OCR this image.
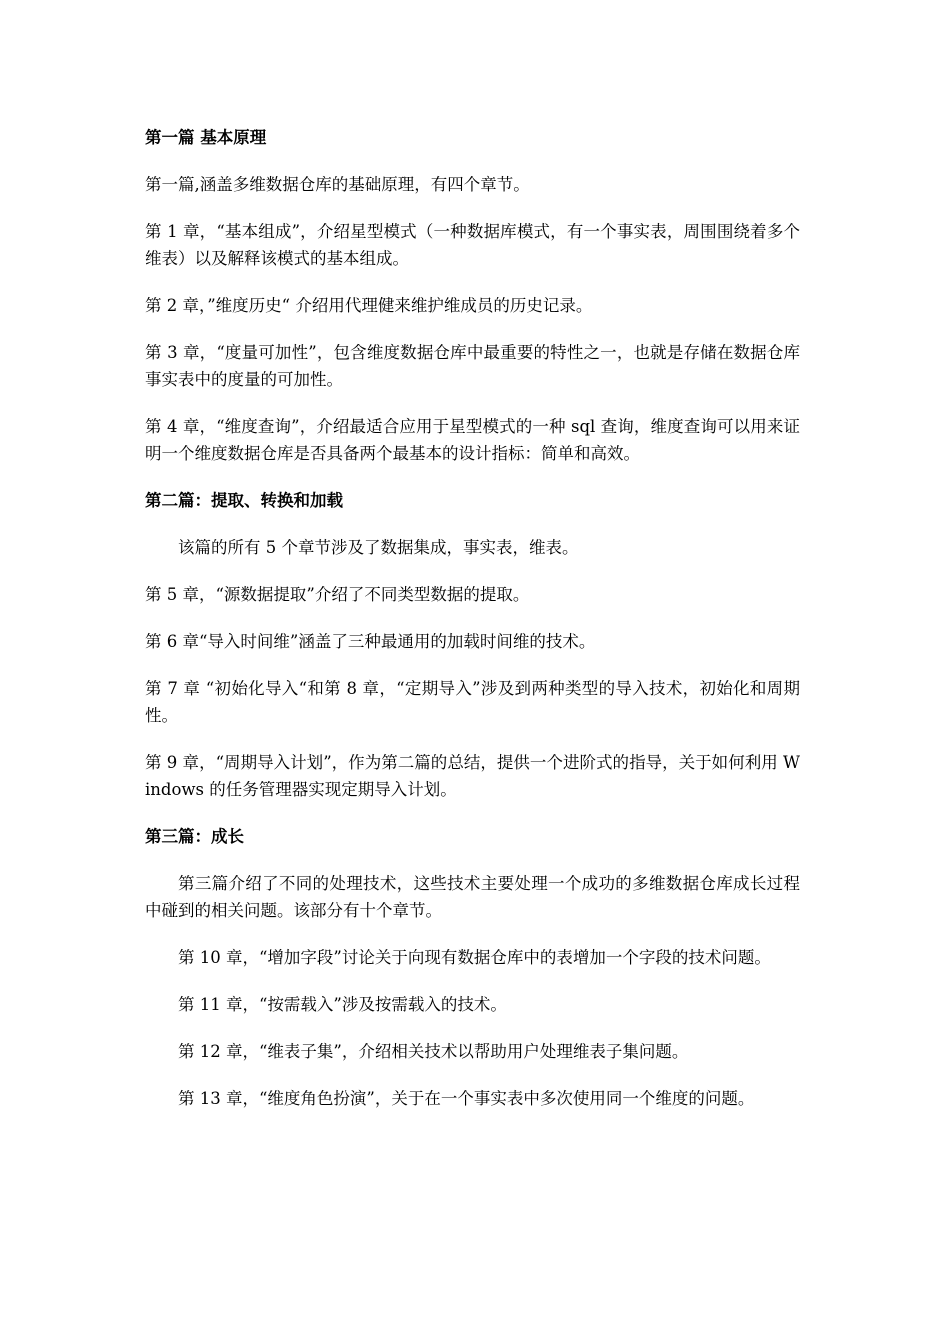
第一篇 基本原理

第一篇,涵盖多维数据仓库的基础原理，有四个章节。

第 1 章，“基本组成”，介绍星型模式（一种数据库模式，有一个事实表，周围围绕着多个维表）以及解释该模式的基本组成。

第 2 章，”维度历史“ 介绍用代理健来维护维成员的历史记录。

第 3 章，“度量可加性”，包含维度数据仓库中最重要的特性之一，也就是存储在数据仓库事实表中的度量的可加性。

第 4 章，“维度查询”，介绍最适合应用于星型模式的一种 sql 查询，维度查询可以用来证明一个维度数据仓库是否具备两个最基本的设计指标：简单和高效。

第二篇：提取、转换和加载

该篇的所有 5 个章节涉及了数据集成，事实表，维表。

第 5 章，“源数据提取”介绍了不同类型数据的提取。

第 6 章“导入时间维”涵盖了三种最通用的加载时间维的技术。

第 7 章 “初始化导入“和第 8 章，“定期导入”涉及到两种类型的导入技术，初始化和周期性。

第 9 章，“周期导入计划”，作为第二篇的总结，提供一个进阶式的指导，关于如何利用 Windows 的任务管理器实现定期导入计划。

第三篇：成长

第三篇介绍了不同的处理技术，这些技术主要处理一个成功的多维数据仓库成长过程中碰到的相关问题。该部分有十个章节。

第 10 章，“增加字段”讨论关于向现有数据仓库中的表增加一个字段的技术问题。

第 11 章，“按需载入”涉及按需载入的技术。

第 12 章，“维表子集”，介绍相关技术以帮助用户处理维表子集问题。

第 13 章，“维度角色扮演”，关于在一个事实表中多次使用同一个维度的问题。
